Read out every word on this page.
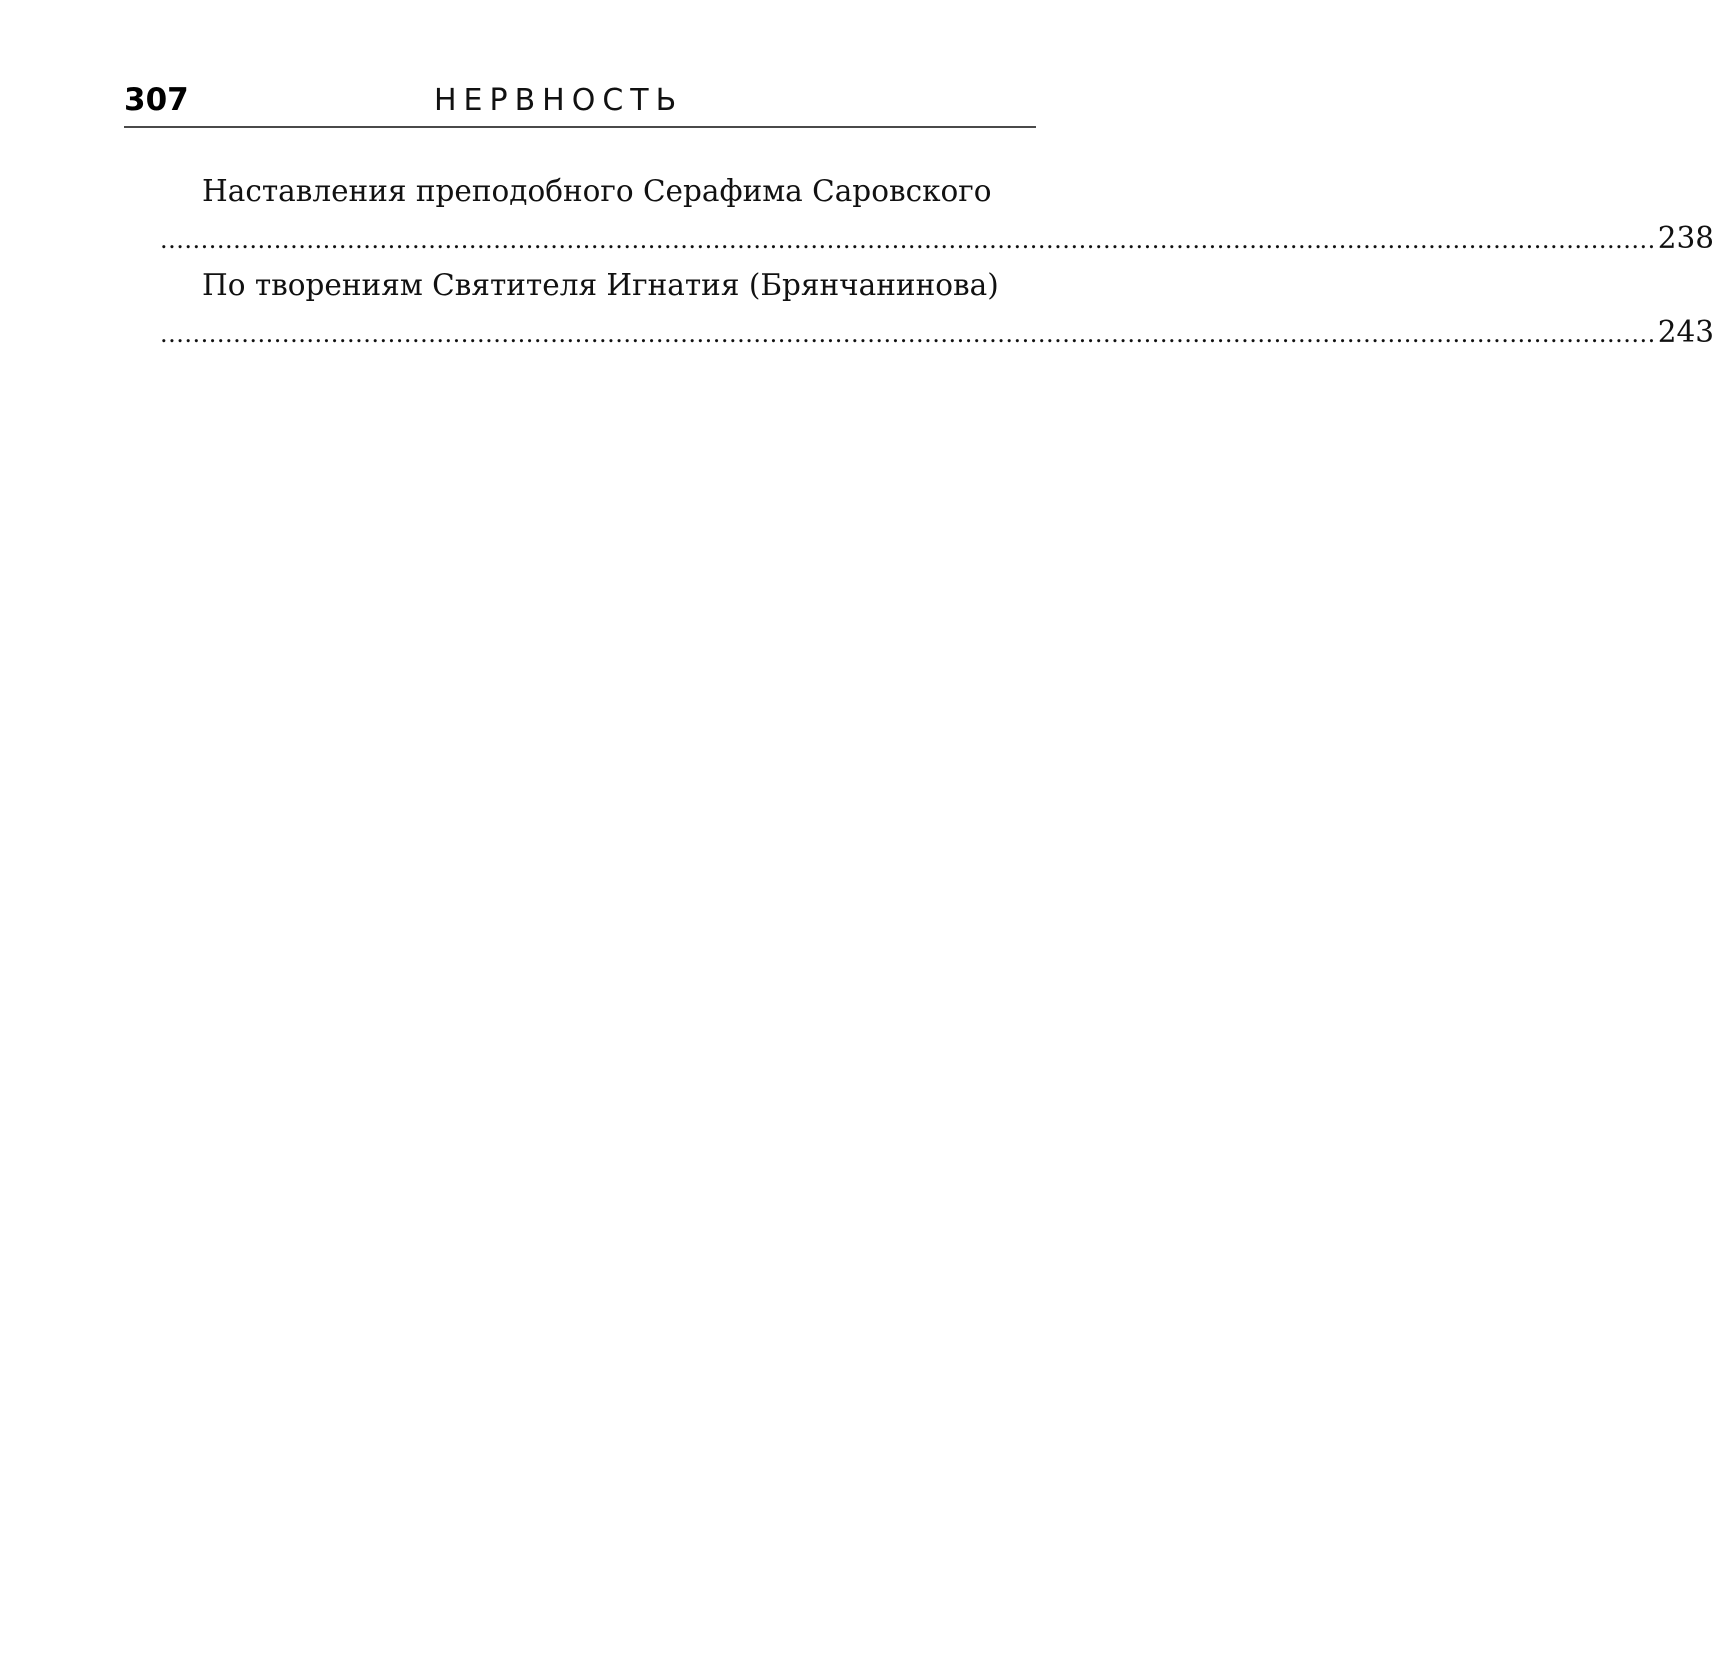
307	НЕРВНОСТЬ
Наставления преподобного Серафима Саровского
........................................................................................................................................................................................ 238
По творениям Святителя Игнатия (Брянчанинова)
........................................................................................................................................................................................ 243
